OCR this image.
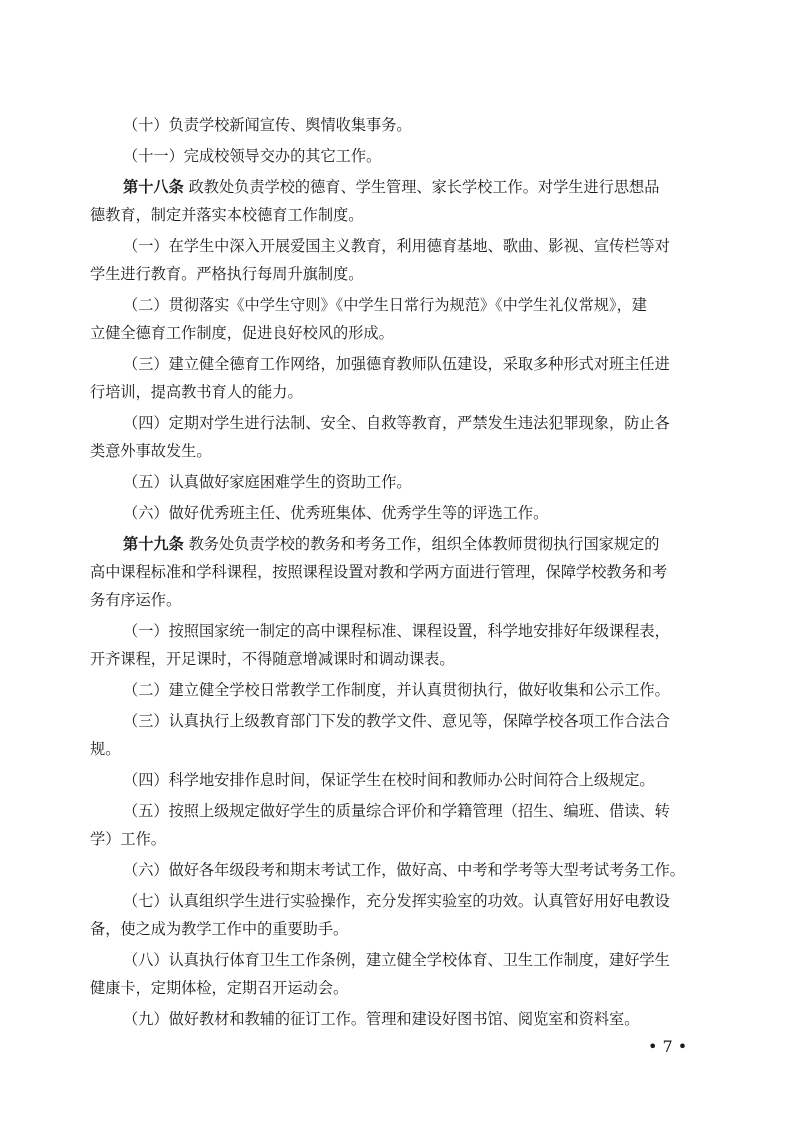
（十）负责学校新闻宣传、舆情收集事务。
（十一）完成校领导交办的其它工作。
第十八条 政教处负责学校的德育、学生管理、家长学校工作。对学生进行思想品
德教育，制定并落实本校德育工作制度。
（一）在学生中深入开展爱国主义教育，利用德育基地、歌曲、影视、宣传栏等对
学生进行教育。严格执行每周升旗制度。
（二）贯彻落实《中学生守则》《中学生日常行为规范》《中学生礼仪常规》，建
立健全德育工作制度，促进良好校风的形成。
（三）建立健全德育工作网络，加强德育教师队伍建设，采取多种形式对班主任进
行培训，提高教书育人的能力。
（四）定期对学生进行法制、安全、自救等教育，严禁发生违法犯罪现象，防止各
类意外事故发生。
（五）认真做好家庭困难学生的资助工作。
（六）做好优秀班主任、优秀班集体、优秀学生等的评选工作。
第十九条 教务处负责学校的教务和考务工作，组织全体教师贯彻执行国家规定的
高中课程标准和学科课程，按照课程设置对教和学两方面进行管理，保障学校教务和考
务有序运作。
（一）按照国家统一制定的高中课程标准、课程设置，科学地安排好年级课程表，
开齐课程，开足课时，不得随意增减课时和调动课表。
（二）建立健全学校日常教学工作制度，并认真贯彻执行，做好收集和公示工作。
（三）认真执行上级教育部门下发的教学文件、意见等，保障学校各项工作合法合
规。
（四）科学地安排作息时间，保证学生在校时间和教师办公时间符合上级规定。
（五）按照上级规定做好学生的质量综合评价和学籍管理（招生、编班、借读、转
学）工作。
（六）做好各年级段考和期末考试工作，做好高、中考和学考等大型考试考务工作。
（七）认真组织学生进行实验操作，充分发挥实验室的功效。认真管好用好电教设
备，使之成为教学工作中的重要助手。
（八）认真执行体育卫生工作条例，建立健全学校体育、卫生工作制度，建好学生
健康卡，定期体检，定期召开运动会。
（九）做好教材和教辅的征订工作。管理和建设好图书馆、阅览室和资料室。
• 7 •
